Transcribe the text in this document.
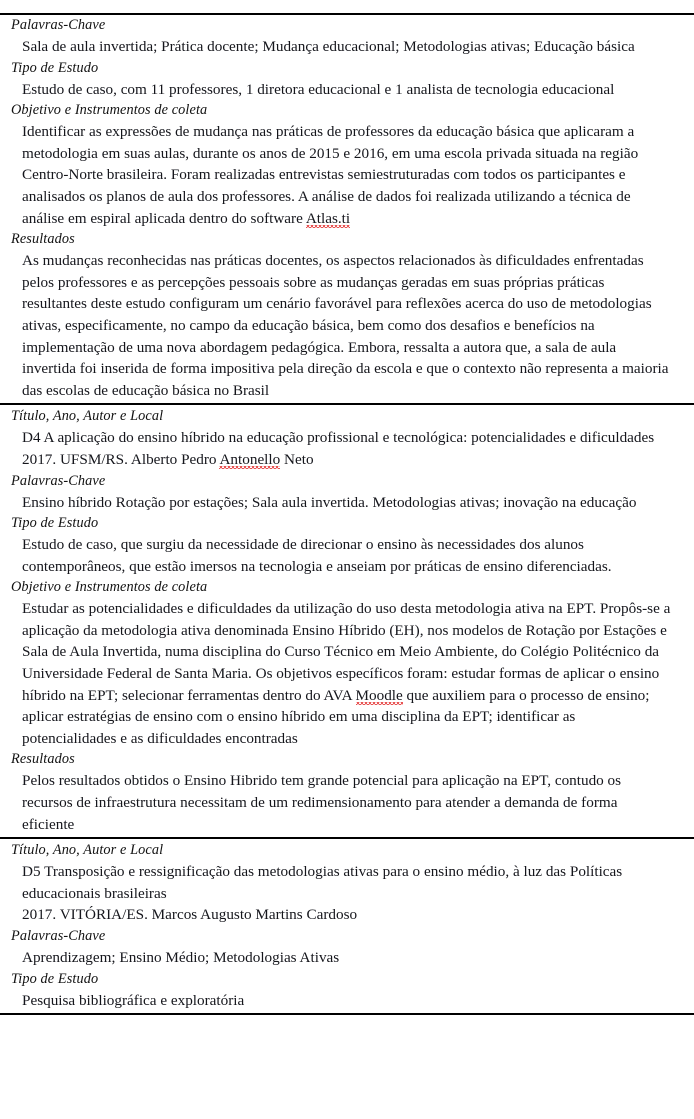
Palavras-Chave
Sala de aula invertida; Prática docente; Mudança educacional; Metodologias ativas; Educação básica
Tipo de Estudo
Estudo de caso, com 11 professores, 1 diretora educacional e 1 analista de tecnologia educacional
Objetivo e Instrumentos de coleta
Identificar as expressões de mudança nas práticas de professores da educação básica que aplicaram a metodologia em suas aulas, durante os anos de 2015 e 2016, em uma escola privada situada na região Centro-Norte brasileira. Foram realizadas entrevistas semiestruturadas com todos os participantes e analisados os planos de aula dos professores. A análise de dados foi realizada utilizando a técnica de análise em espiral aplicada dentro do software Atlas.ti
Resultados
As mudanças reconhecidas nas práticas docentes, os aspectos relacionados às dificuldades enfrentadas pelos professores e as percepções pessoais sobre as mudanças geradas em suas próprias práticas resultantes deste estudo configuram um cenário favorável para reflexões acerca do uso de metodologias ativas, especificamente, no campo da educação básica, bem como dos desafios e benefícios na implementação de uma nova abordagem pedagógica. Embora, ressalta a autora que, a sala de aula invertida foi inserida de forma impositiva pela direção da escola e que o contexto não representa a maioria das escolas de educação básica no Brasil
Título, Ano, Autor e Local
D4 A aplicação do ensino híbrido na educação profissional e tecnológica: potencialidades e dificuldades
2017. UFSM/RS. Alberto Pedro Antonello Neto
Palavras-Chave
Ensino híbrido Rotação por estações; Sala aula invertida. Metodologias ativas; inovação na educação
Tipo de Estudo
Estudo de caso, que surgiu da necessidade de direcionar o ensino às necessidades dos alunos contemporâneos, que estão imersos na tecnologia e anseiam por práticas de ensino diferenciadas.
Objetivo e Instrumentos de coleta
Estudar as potencialidades e dificuldades da utilização do uso desta metodologia ativa na EPT. Propôs-se a aplicação da metodologia ativa denominada Ensino Híbrido (EH), nos modelos de Rotação por Estações e Sala de Aula Invertida, numa disciplina do Curso Técnico em Meio Ambiente, do Colégio Politécnico da Universidade Federal de Santa Maria. Os objetivos específicos foram: estudar formas de aplicar o ensino híbrido na EPT; selecionar ferramentas dentro do AVA Moodle que auxiliem para o processo de ensino; aplicar estratégias de ensino com o ensino híbrido em uma disciplina da EPT; identificar as potencialidades e as dificuldades encontradas
Resultados
Pelos resultados obtidos o Ensino Hibrido tem grande potencial para aplicação na EPT, contudo os recursos de infraestrutura necessitam de um redimensionamento para atender a demanda de forma eficiente
Título, Ano, Autor e Local
D5 Transposição e ressignificação das metodologias ativas para o ensino médio, à luz das Políticas educacionais brasileiras
2017. VITÓRIA/ES. Marcos Augusto Martins Cardoso
Palavras-Chave
Aprendizagem; Ensino Médio; Metodologias Ativas
Tipo de Estudo
Pesquisa bibliográfica e exploratória
